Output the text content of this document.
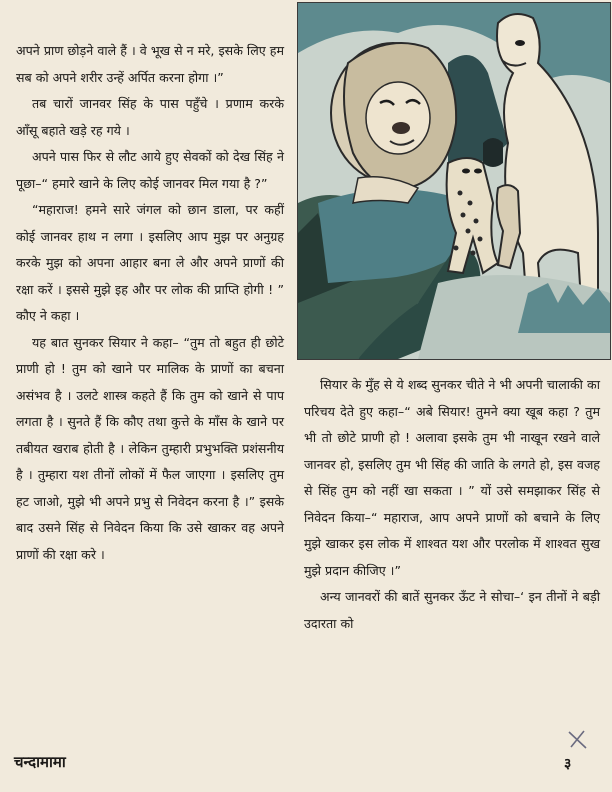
अपने प्राण छोड़ने वाले हैं । वे भूख से न मरे, इसके लिए हम सब को अपने शरीर उन्हें अर्पित करना होगा ।”

तब चारों जानवर सिंह के पास पहुँचे । प्रणाम करके आँसू बहाते खड़े रह गये ।

अपने पास फिर से लौट आये हुए सेवकों को देख सिंह ने पूछा–“ हमारे खाने के लिए कोई जानवर मिल गया है ?”

“महाराज! हमने सारे जंगल को छान डाला, पर कहीं कोई जानवर हाथ न लगा । इसलिए आप मुझ पर अनुग्रह करके मुझ को अपना आहार बना ले और अपने प्राणों की रक्षा करें । इससे मुझे इह और पर लोक की प्राप्ति होगी ! ” कौए ने कहा ।

यह बात सुनकर सियार ने कहा– “तुम तो बहुत ही छोटे प्राणी हो ! तुम को खाने पर मालिक के प्राणों का बचना असंभव है । उलटे शास्त्र कहते हैं कि तुम को खाने से पाप लगता है । सुनते हैं कि कौए तथा कुत्ते के माँस के खाने पर तबीयत खराब होती है । लेकिन तुम्हारी प्रभुभक्ति प्रशंसनीय है । तुम्हारा यश तीनों लोकों में फैल जाएगा । इसलिए तुम हट जाओ, मुझे भी अपने प्रभु से निवेदन करना है ।” इसके बाद उसने सिंह से निवेदन किया कि उसे खाकर वह अपने प्राणों की रक्षा करे ।

सियार के मुँह से ये शब्द सुनकर चीते ने भी अपनी चालाकी का परिचय देते हुए कहा–“ अबे सियार! तुमने क्या खूब कहा ? तुम भी तो छोटे प्राणी हो ! अलावा इसके तुम भी नाखून रखने वाले जानवर हो, इसलिए तुम भी सिंह की जाति के लगते हो, इस वजह से सिंह तुम को नहीं खा सकता । ” यों उसे समझाकर सिंह से निवेदन किया–“ महाराज, आप अपने प्राणों को बचाने के लिए मुझे खाकर इस लोक में शाश्वत यश और परलोक में शाश्वत सुख मुझे प्रदान कीजिए ।”

अन्य जानवरों की बातें सुनकर ऊँट ने सोचा–‘ इन तीनों ने बड़ी उदारता को

चन्दामामा	३
